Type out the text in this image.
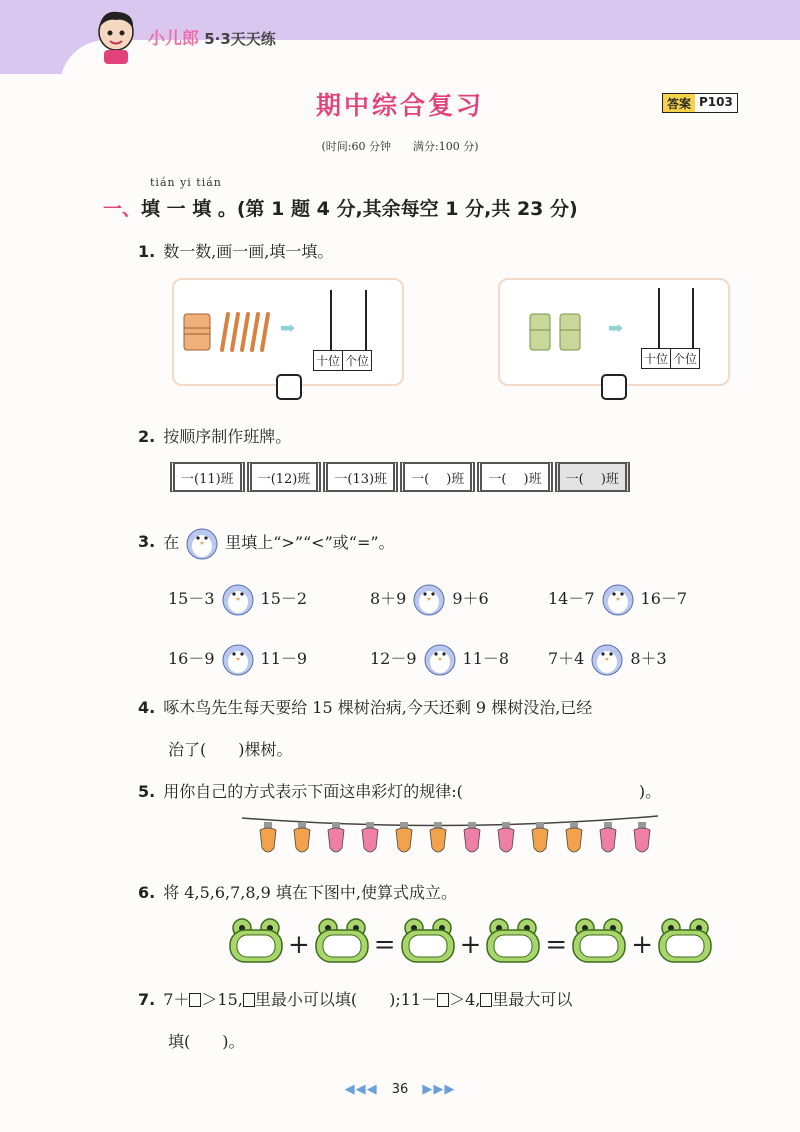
小儿郎 5·3天天练
期中综合复习	答案 P103
(时间:60 分钟　　满分:100 分)
tián yi tián
一、填 一 填 。(第 1 题 4 分,其余每空 1 分,共 23 分)
1. 数一数,画一画,填一填。
➡
十位 个位
➡
十位 个位
2. 按顺序制作班牌。
一(11)班	一(12)班	一(13)班	一(　 )班	一(　 )班	一(　 )班
3. 在	里填上“>”“<”或“=”。
15－3	15－2	8＋9	9＋6	14－7	16－7
16－9	11－9	12－9	11－8 7＋4	8＋3
4. 啄木鸟先生每天要给 15 棵树治病,今天还剩 9 棵树没治,已经
治了(　　)棵树。
5. 用你自己的方式表示下面这串彩灯的规律:(　　　　　　　　　　　)。
6. 将 4,5,6,7,8,9 填在下图中,使算式成立。
+ = + = +
7. 7＋ ＞15, 里最小可以填(　　);11－ ＞4, 里最大可以
填(　　)。
◀◀◀ 36 ▶▶▶
